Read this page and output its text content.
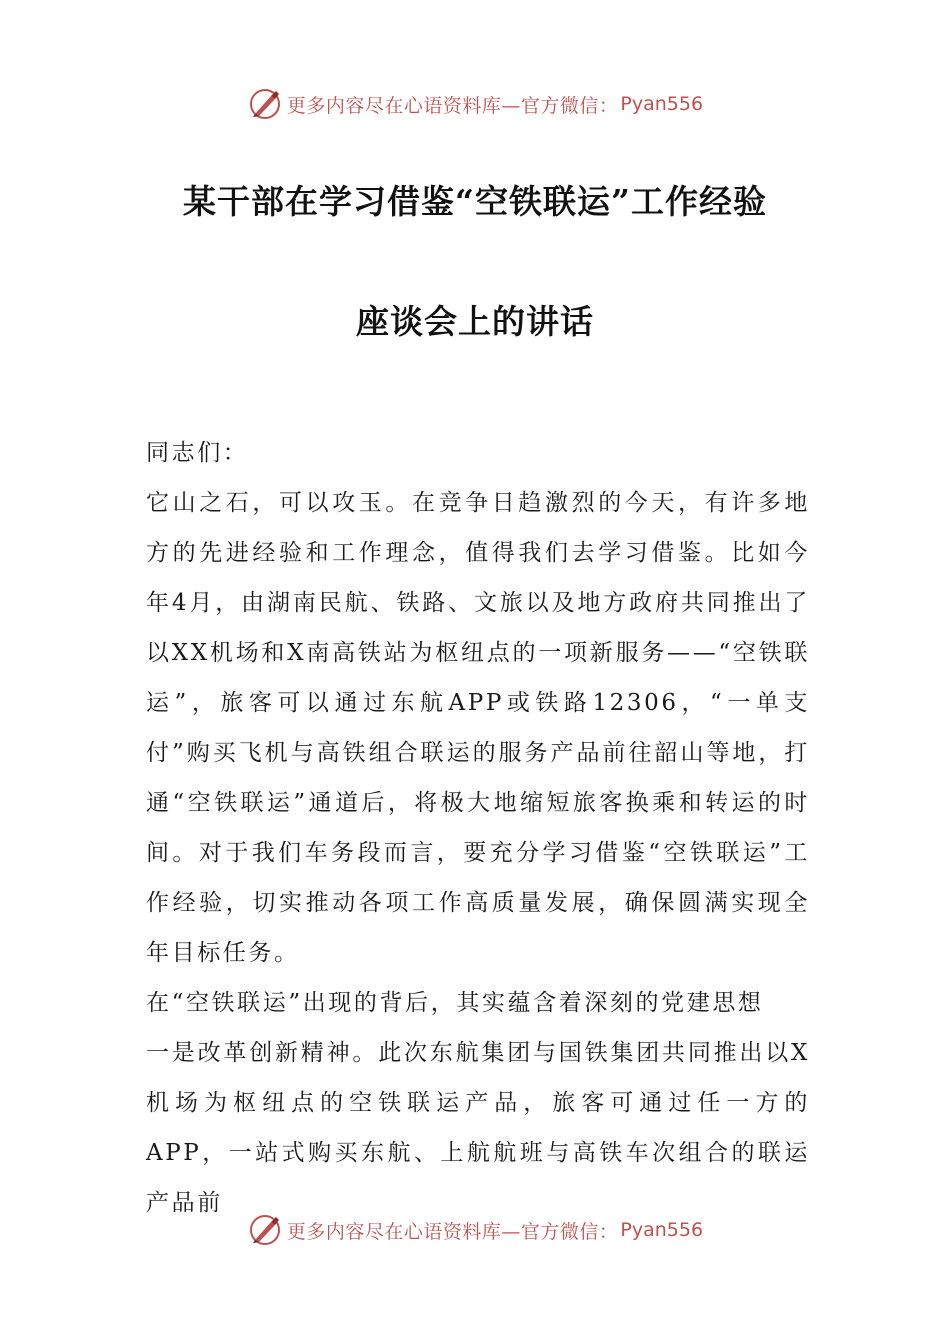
更多内容尽在心语资料库—官方微信： Pyan556
某干部在学习借鉴“空铁联运”工作经验
座谈会上的讲话

同志们：

它山之石，可以攻玉。在竞争日趋激烈的今天，有许多地方的先进经验和工作理念，值得我们去学习借鉴。比如今年4月，由湖南民航、铁路、文旅以及地方政府共同推出了以XX机场和X南高铁站为枢纽点的一项新服务——“空铁联运”，旅客可以通过东航APP或铁路12306，“一单支付”购买飞机与高铁组合联运的服务产品前往韶山等地，打通“空铁联运”通道后，将极大地缩短旅客换乘和转运的时间。对于我们车务段而言，要充分学习借鉴“空铁联运”工作经验，切实推动各项工作高质量发展，确保圆满实现全年目标任务。

在“空铁联运”出现的背后，其实蕴含着深刻的党建思想

一是改革创新精神。此次东航集团与国铁集团共同推出以X机场为枢纽点的空铁联运产品，旅客可通过任一方的APP，一站式购买东航、上航航班与高铁车次组合的联运产品前

更多内容尽在心语资料库—官方微信： Pyan556
